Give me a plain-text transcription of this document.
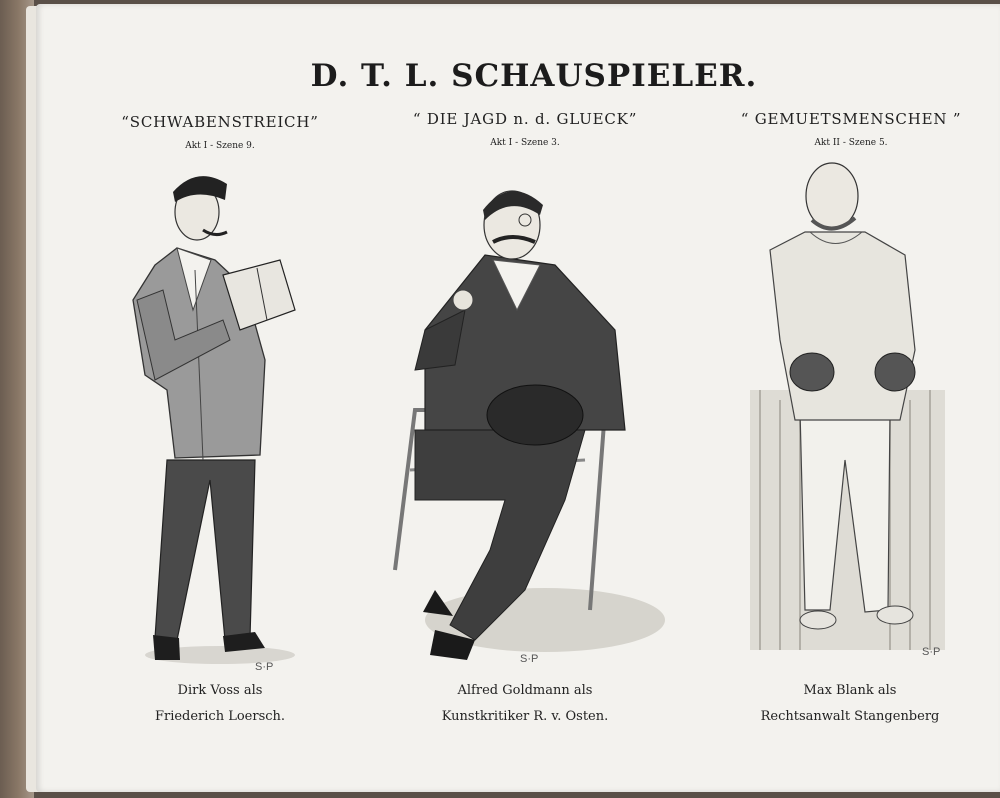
D. T. L. SCHAUSPIELER.
“SCHWABENSTREICH”
Akt I - Szene 9.
Dirk Voss als
Friederich Loersch.
“ DIE JAGD n. d. GLUECK”
Akt I - Szene 3.
Alfred Goldmann als
Kunstkritiker R. v. Osten.
“ GEMUETSMENSCHEN ”
Akt II - Szene 5.
Max Blank als
Rechtsanwalt Stangenberg
S·P
S·P
S·P
